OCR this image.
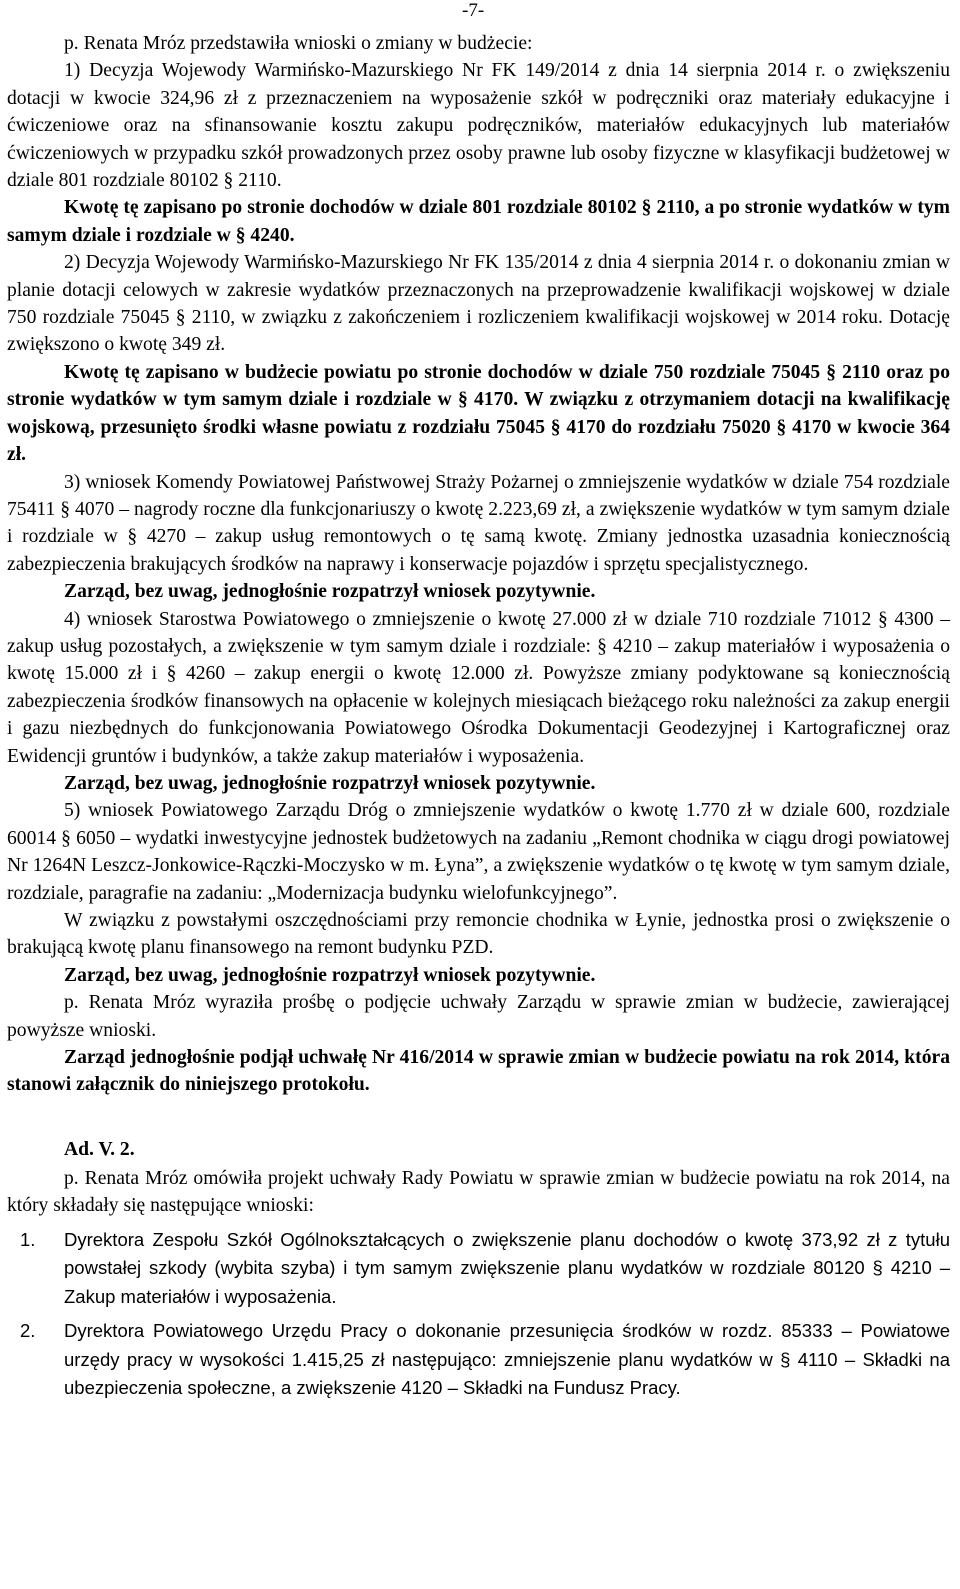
-7-

p. Renata Mróz przedstawiła wnioski o zmiany w budżecie:

1) Decyzja Wojewody Warmińsko-Mazurskiego Nr FK 149/2014 z dnia 14 sierpnia 2014 r. o zwiększeniu dotacji w kwocie 324,96 zł z przeznaczeniem na wyposażenie szkół w podręczniki oraz materiały edukacyjne i ćwiczeniowe oraz na sfinansowanie kosztu zakupu podręczników, materiałów edukacyjnych lub materiałów ćwiczeniowych w przypadku szkół prowadzonych przez osoby prawne lub osoby fizyczne w klasyfikacji budżetowej w dziale 801 rozdziale 80102 § 2110.

Kwotę tę zapisano po stronie dochodów w dziale 801 rozdziale 80102 § 2110, a po stronie wydatków w tym samym dziale i rozdziale w § 4240.

2) Decyzja Wojewody Warmińsko-Mazurskiego Nr FK 135/2014 z dnia 4 sierpnia 2014 r. o dokonaniu zmian w planie dotacji celowych w zakresie wydatków przeznaczonych na przeprowadzenie kwalifikacji wojskowej w dziale 750 rozdziale 75045 § 2110, w związku z zakończeniem i rozliczeniem kwalifikacji wojskowej w 2014 roku. Dotację zwiększono o kwotę 349 zł.

Kwotę tę zapisano w budżecie powiatu po stronie dochodów w dziale 750 rozdziale 75045 § 2110 oraz po stronie wydatków w tym samym dziale i rozdziale w § 4170. W związku z otrzymaniem dotacji na kwalifikację wojskową, przesunięto środki własne powiatu z rozdziału 75045 § 4170 do rozdziału 75020 § 4170 w kwocie 364 zł.

3) wniosek Komendy Powiatowej Państwowej Straży Pożarnej o zmniejszenie wydatków w dziale 754 rozdziale 75411 § 4070 – nagrody roczne dla funkcjonariuszy o kwotę 2.223,69 zł, a zwiększenie wydatków w tym samym dziale i rozdziale w § 4270 – zakup usług remontowych o tę samą kwotę. Zmiany jednostka uzasadnia koniecznością zabezpieczenia brakujących środków na naprawy i konserwacje pojazdów i sprzętu specjalistycznego.

Zarząd, bez uwag, jednogłośnie rozpatrzył wniosek pozytywnie.

4) wniosek Starostwa Powiatowego o zmniejszenie o kwotę 27.000 zł w dziale 710 rozdziale 71012 § 4300 – zakup usług pozostałych, a zwiększenie w tym samym dziale i rozdziale: § 4210 – zakup materiałów i wyposażenia o kwotę 15.000 zł i § 4260 – zakup energii o kwotę 12.000 zł. Powyższe zmiany podyktowane są koniecznością zabezpieczenia środków finansowych na opłacenie w kolejnych miesiącach bieżącego roku należności za zakup energii i gazu niezbędnych do funkcjonowania Powiatowego Ośrodka Dokumentacji Geodezyjnej i Kartograficznej oraz Ewidencji gruntów i budynków, a także zakup materiałów i wyposażenia.

Zarząd, bez uwag, jednogłośnie rozpatrzył wniosek pozytywnie.

5) wniosek Powiatowego Zarządu Dróg o zmniejszenie wydatków o kwotę 1.770 zł w dziale 600, rozdziale 60014 § 6050 – wydatki inwestycyjne jednostek budżetowych na zadaniu „Remont chodnika w ciągu drogi powiatowej Nr 1264N Leszcz-Jonkowice-Rączki-Moczysko w m. Łyna”, a zwiększenie wydatków o tę kwotę w tym samym dziale, rozdziale, paragrafie na zadaniu: „Modernizacja budynku wielofunkcyjnego”.

W związku z powstałymi oszczędnościami przy remoncie chodnika w Łynie, jednostka prosi o zwiększenie o brakującą kwotę planu finansowego na remont budynku PZD.

Zarząd, bez uwag, jednogłośnie rozpatrzył wniosek pozytywnie.

p. Renata Mróz wyraziła prośbę o podjęcie uchwały Zarządu w sprawie zmian w budżecie, zawierającej powyższe wnioski.

Zarząd jednogłośnie podjął uchwałę Nr 416/2014 w sprawie zmian w budżecie powiatu na rok 2014, która stanowi załącznik do niniejszego protokołu.

Ad. V. 2.

p. Renata Mróz omówiła projekt uchwały Rady Powiatu w sprawie zmian w budżecie powiatu na rok 2014, na który składały się następujące wnioski:

1.	Dyrektora Zespołu Szkół Ogólnokształcących o zwiększenie planu dochodów o kwotę 373,92 zł z tytułu powstałej szkody (wybita szyba) i tym samym zwiększenie planu wydatków w rozdziale 80120 § 4210 – Zakup materiałów i wyposażenia.
2.	Dyrektora Powiatowego Urzędu Pracy o dokonanie przesunięcia środków w rozdz. 85333 – Powiatowe urzędy pracy w wysokości 1.415,25 zł następująco: zmniejszenie planu wydatków w § 4110 – Składki na ubezpieczenia społeczne, a zwiększenie 4120 – Składki na Fundusz Pracy.
